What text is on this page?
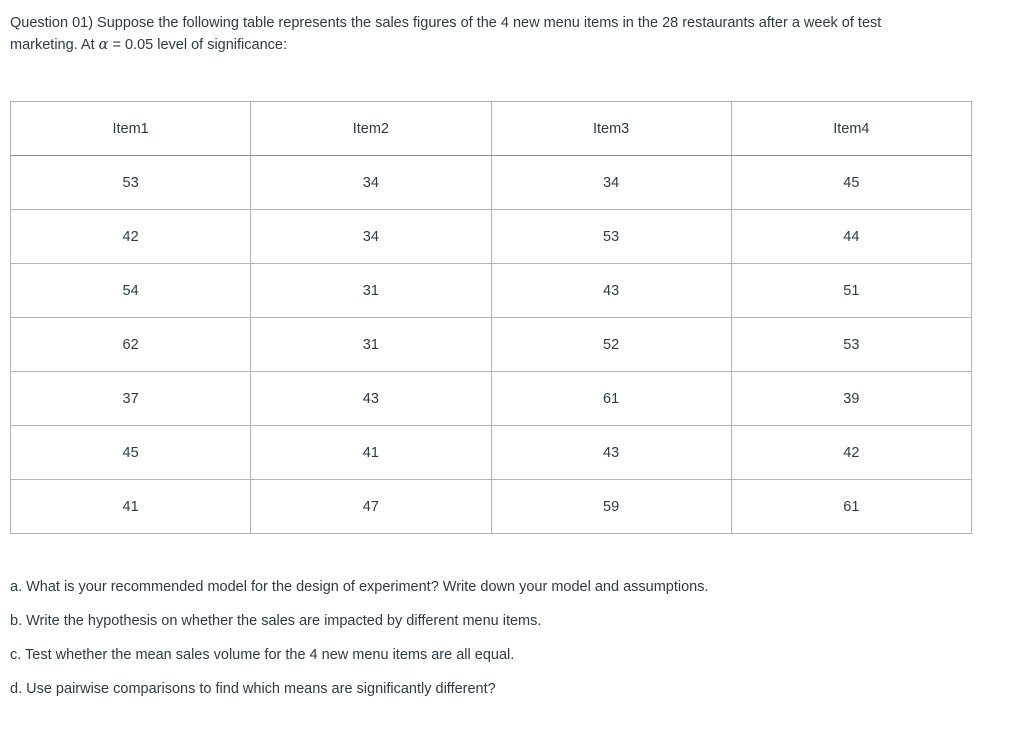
Question 01) Suppose the following table represents the sales figures of the 4 new menu items in the 28 restaurants after a week of test
marketing. At α = 0.05 level of significance:
Item1	Item2	Item3	Item4
53	34	34	45
42	34	53	44
54	31	43	51
62	31	52	53
37	43	61	39
45	41	43	42
41	47	59	61

a. What is your recommended model for the design of experiment? Write down your model and assumptions.

b. Write the hypothesis on whether the sales are impacted by different menu items.

c. Test whether the mean sales volume for the 4 new menu items are all equal.

d. Use pairwise comparisons to find which means are significantly different?
